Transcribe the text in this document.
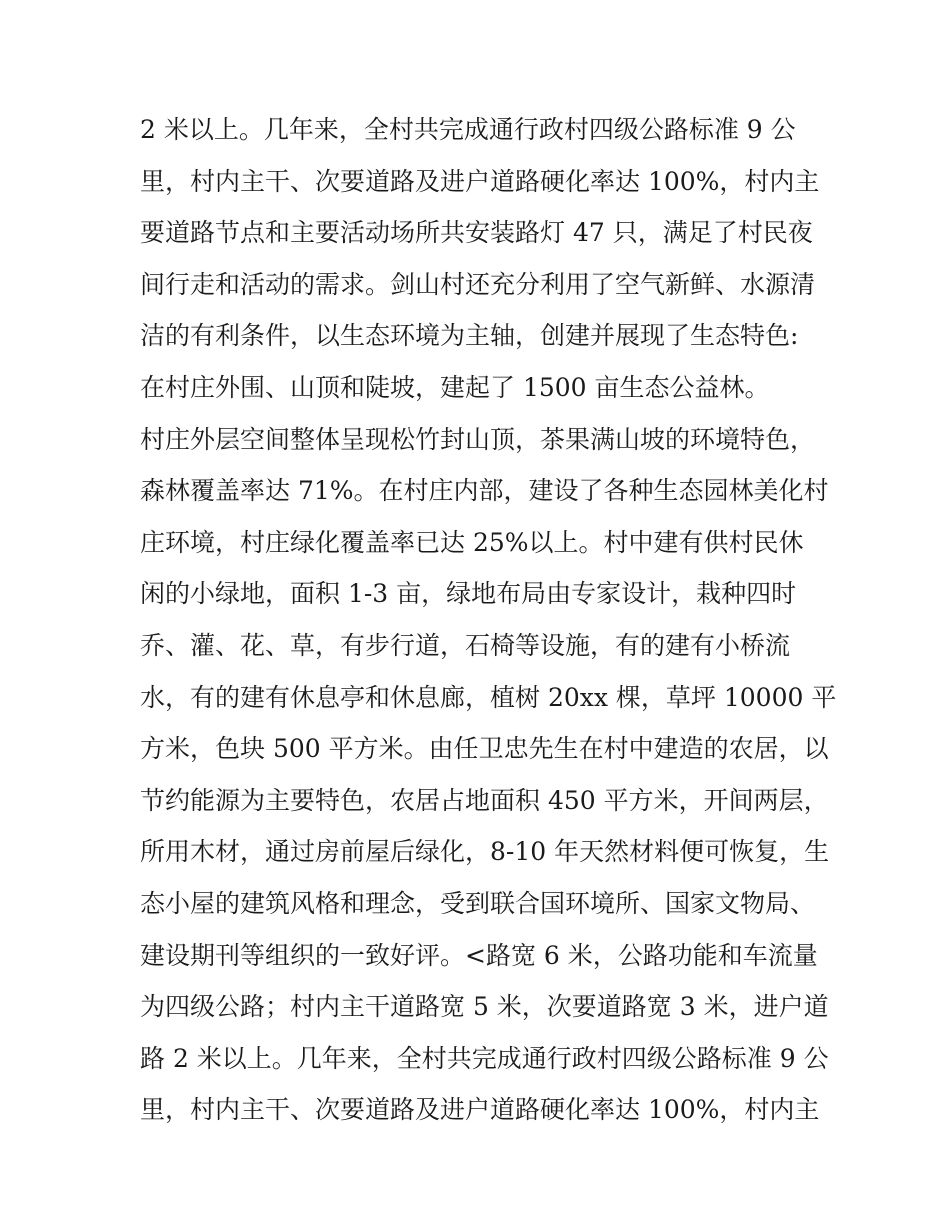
2 米以上。几年来，全村共完成通行政村四级公路标准 9 公
里，村内主干、次要道路及进户道路硬化率达 100%，村内主
要道路节点和主要活动场所共安装路灯 47 只，满足了村民夜
间行走和活动的需求。剑山村还充分利用了空气新鲜、水源清
洁的有利条件，以生态环境为主轴，创建并展现了生态特色:
在村庄外围、山顶和陡坡，建起了 1500 亩生态公益林。
村庄外层空间整体呈现松竹封山顶，茶果满山坡的环境特色，
森林覆盖率达 71%。在村庄内部，建设了各种生态园林美化村
庄环境，村庄绿化覆盖率已达 25%以上。村中建有供村民休
闲的小绿地，面积 1-3 亩，绿地布局由专家设计，栽种四时
乔、灌、花、草，有步行道，石椅等设施，有的建有小桥流
水，有的建有休息亭和休息廊，植树 20xx 棵，草坪 10000 平
方米，色块 500 平方米。由任卫忠先生在村中建造的农居，以
节约能源为主要特色，农居占地面积 450 平方米，开间两层，
所用木材，通过房前屋后绿化，8-10 年天然材料便可恢复，生
态小屋的建筑风格和理念，受到联合国环境所、国家文物局、
建设期刊等组织的一致好评。<路宽 6 米，公路功能和车流量
为四级公路；村内主干道路宽 5 米，次要道路宽 3 米，进户道
路 2 米以上。几年来，全村共完成通行政村四级公路标准 9 公
里，村内主干、次要道路及进户道路硬化率达 100%，村内主
